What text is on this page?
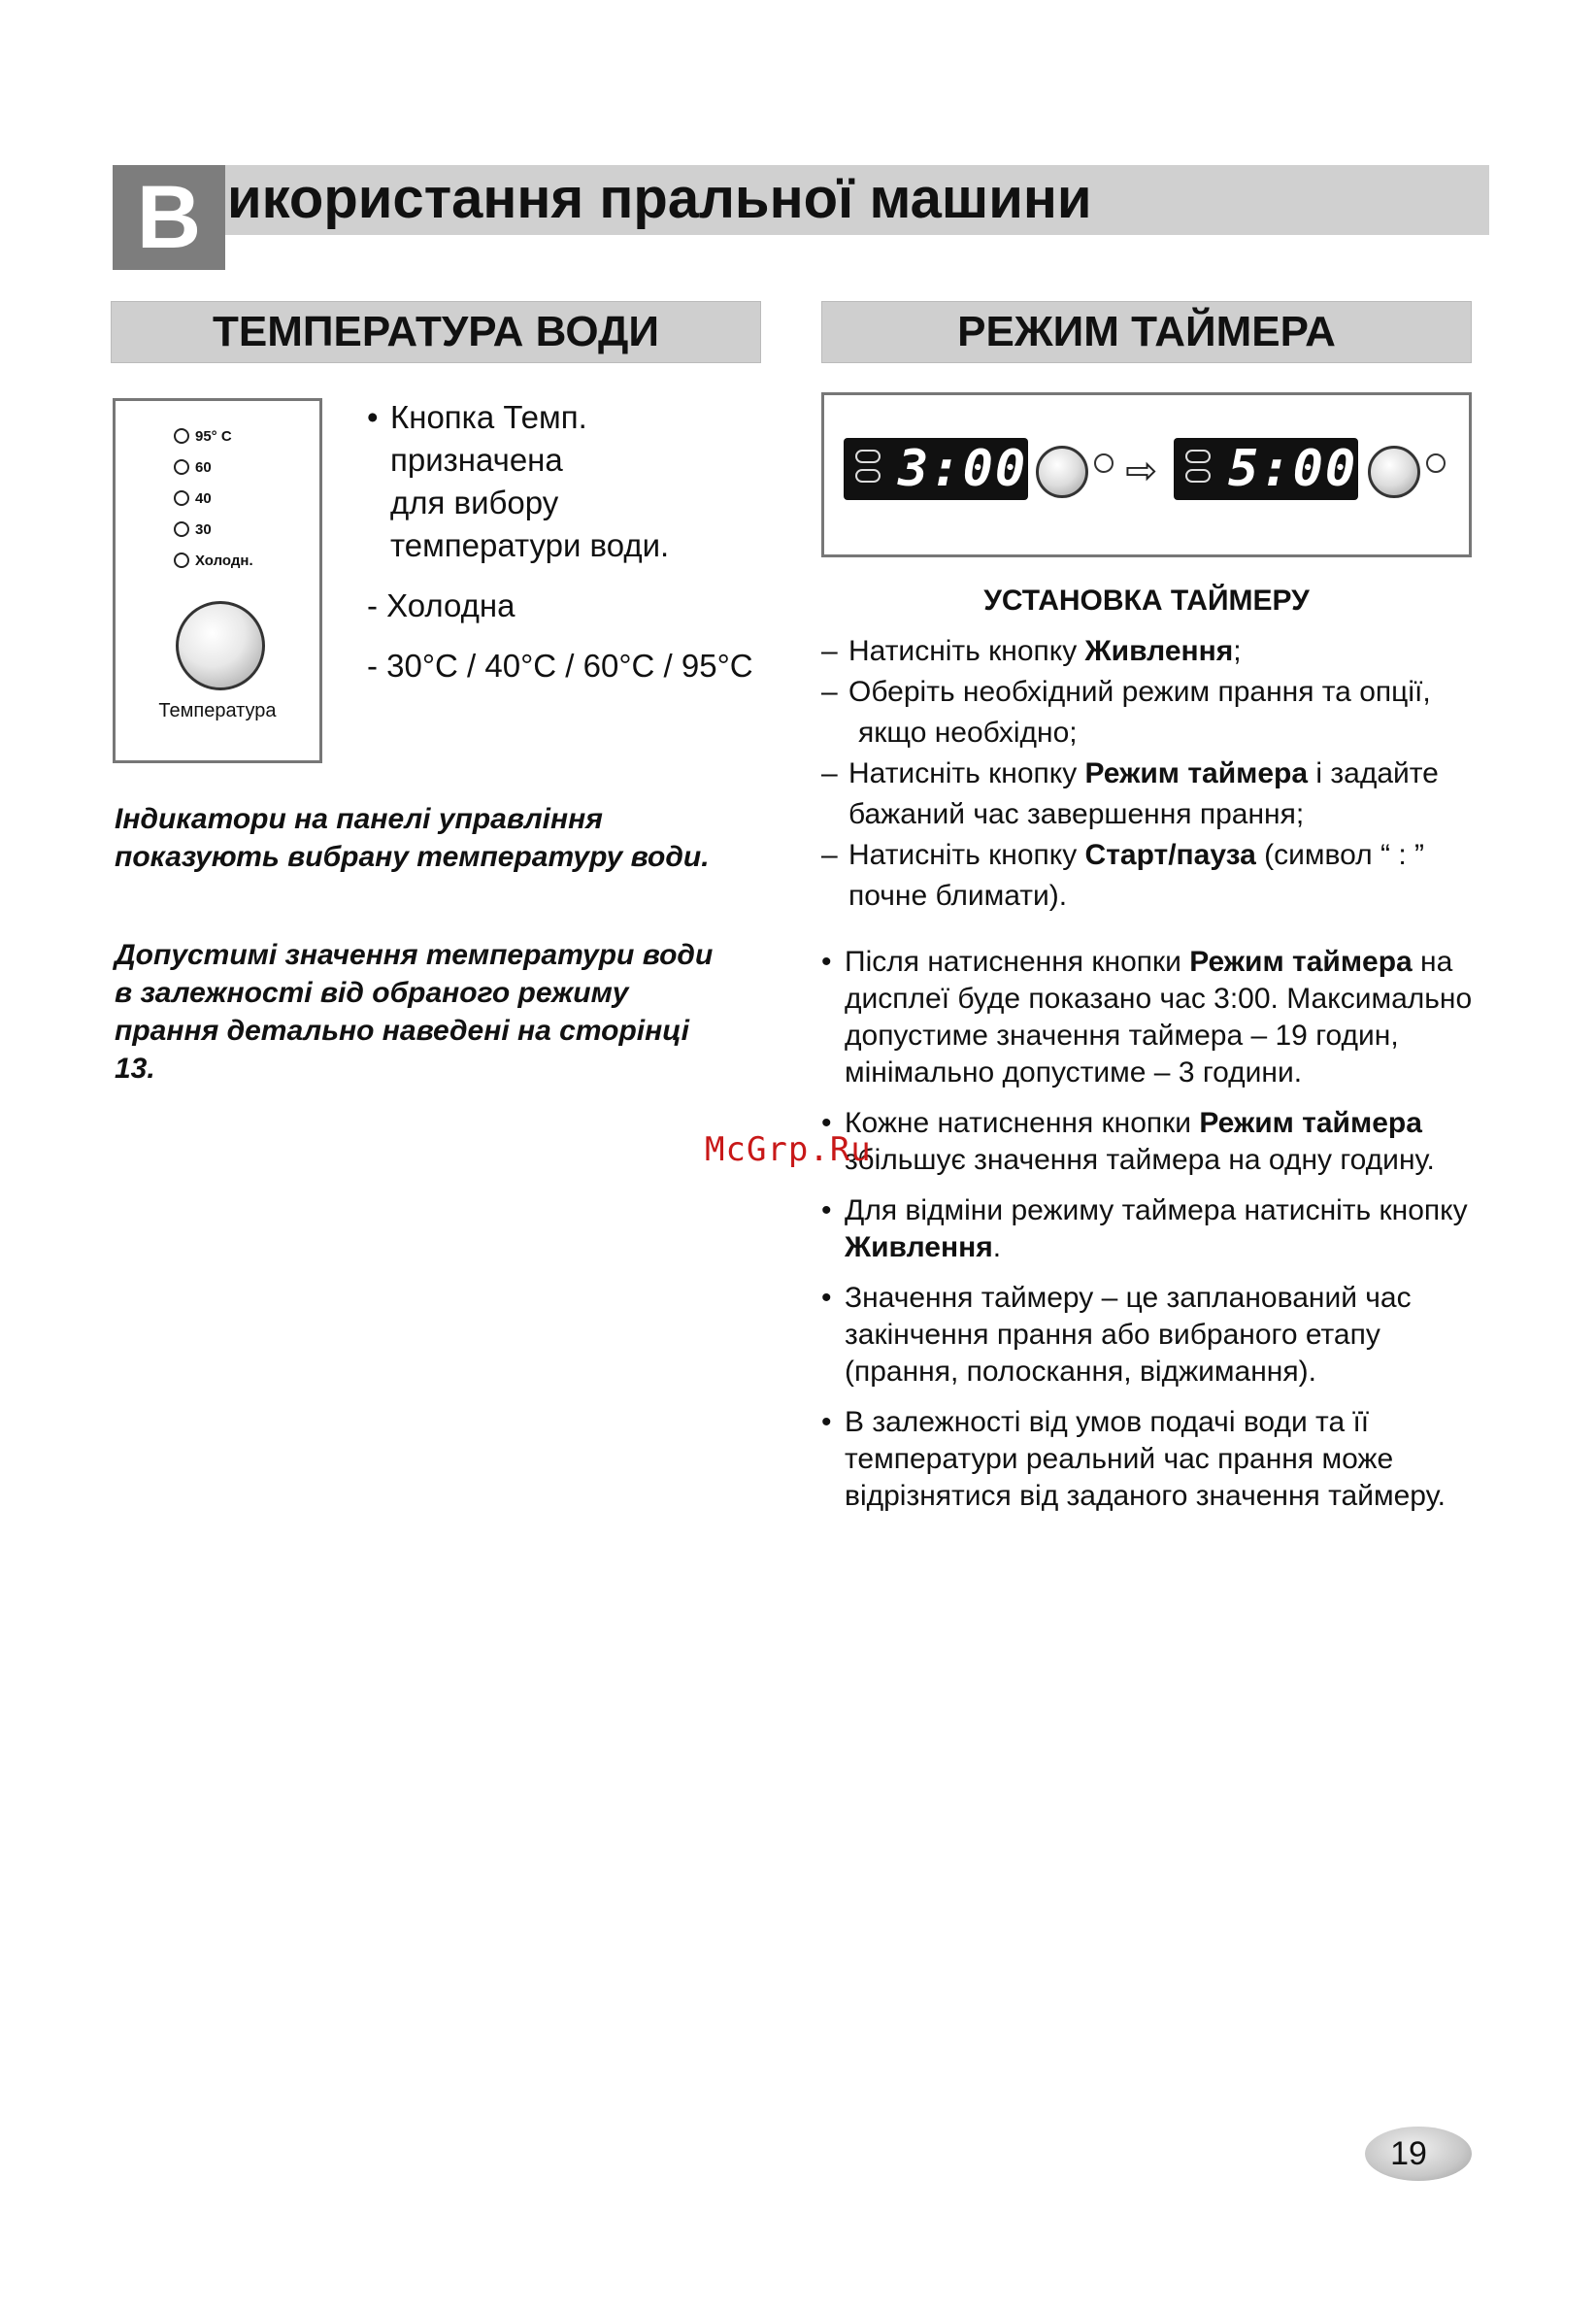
В икористання пральної машини
ТЕМПЕРАТУРА ВОДИ
95° C
60
40
30
Холодн.
Температура
• Кнопка Темп.
призначена
для вибору
температури води.
- Холодна
- 30°C / 40°C / 60°C / 95°C
Індикатори на панелі управління показують вибрану температуру води.
Допустимі значення температури води в залежності від обраного режиму прання детально наведені на сторінці 13.
РЕЖИМ ТАЙМЕРА
3:00	⇨ 5:00
УСТАНОВКА ТАЙМЕРУ
– Натисніть кнопку Живлення;
– Оберіть необхідний режим прання та опції,
якщо необхідно;
– Натисніть кнопку Режим таймера і задайте
бажаний час завершення прання;
– Натисніть кнопку Старт/пауза (символ “ : ”
почне блимати).
• Після натиснення кнопки Режим таймера на дисплеї буде показано час 3:00. Максимально допустиме значення таймера – 19 годин, мінімально допустиме – 3 години.
• Кожне натиснення кнопки Режим таймера збільшує значення таймера на одну годину.
• Для відміни режиму таймера натисніть кнопку Живлення.
• Значення таймеру – це запланований час закінчення прання або вибраного етапу (прання, полоскання, віджимання).
• В залежності від умов подачі води та її температури реальний час прання може відрізнятися від заданого значення таймеру.
McGrp.Ru
19
